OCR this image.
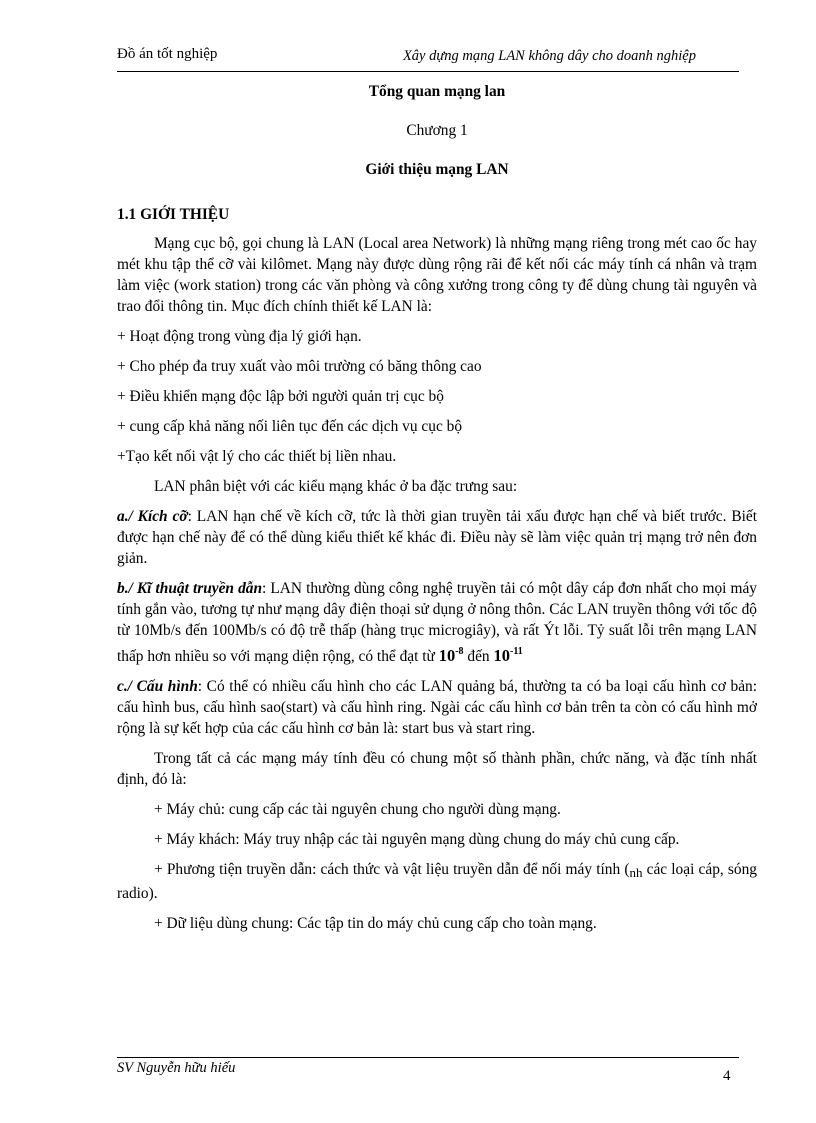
Đồ án tốt nghiệp	Xây dựng mạng LAN không dây cho doanh nghiệp

Tổng quan mạng lan

Chương 1

Giới thiệu mạng LAN

1.1 GIỚI THIỆU

Mạng cục bộ, gọi chung là LAN (Local area Network) là những mạng riêng trong mét cao ốc hay mét khu tập thể cỡ vài kilômet. Mạng này được dùng rộng rãi để kết nối các máy tính cá nhân và trạm làm việc (work station) trong các văn phòng và công xưởng trong công ty để dùng chung tài nguyên và trao đổi thông tin. Mục đích chính thiết kế LAN là:

+ Hoạt động trong vùng địa lý giới hạn.

+ Cho phép đa truy xuất vào môi trường có băng thông cao

+ Điều khiển mạng độc lập bởi người quản trị cục bộ

+ cung cấp khả năng nối liên tục đến các dịch vụ cục bộ

+Tạo kết nối vật lý cho các thiết bị liền nhau.

LAN phân biệt với các kiểu mạng khác ở ba đặc trưng sau:

a./ Kích cỡ: LAN hạn chế về kích cỡ, tức là thời gian truyền tải xấu được hạn chế và biết trước. Biết được hạn chế này để có thể dùng kiểu thiết kế khác đi. Điều này sẽ làm việc quản trị mạng trở nên đơn giản.

b./ Kĩ thuật truyền dẫn: LAN thường dùng công nghệ truyền tải có một dây cáp đơn nhất cho mọi máy tính gắn vào, tương tự như mạng dây điện thoại sử dụng ở nông thôn. Các LAN truyền thông với tốc độ từ 10Mb/s đến 100Mb/s có độ trễ thấp (hàng trục microgiây), và rất Ýt lỗi. Tỷ suất lỗi trên mạng LAN thấp hơn nhiều so với mạng diện rộng, có thể đạt từ $10^{-8}$ đến $10^{-11}$

c./ Cấu hình: Có thể có nhiều cấu hình cho các LAN quảng bá, thường ta có ba loại cấu hình cơ bản: cấu hình bus, cấu hình sao(start) và cấu hình ring. Ngài các cấu hình cơ bản trên ta còn có cấu hình mở rộng là sự kết hợp của các cấu hình cơ bản là: start bus và start ring.

Trong tất cả các mạng máy tính đều có chung một số thành phần, chức năng, và đặc tính nhất định, đó là:

+ Máy chủ: cung cấp các tài nguyên chung cho người dùng mạng.

+ Máy khách: Máy truy nhập các tài nguyên mạng dùng chung do máy chủ cung cấp.

+ Phương tiện truyền dẫn: cách thức và vật liệu truyền dẫn để nối máy tính (nh các loại cáp, sóng radio).

+ Dữ liệu dùng chung: Các tập tin do máy chủ cung cấp cho toàn mạng.

SV Nguyễn hữu hiếu	4
